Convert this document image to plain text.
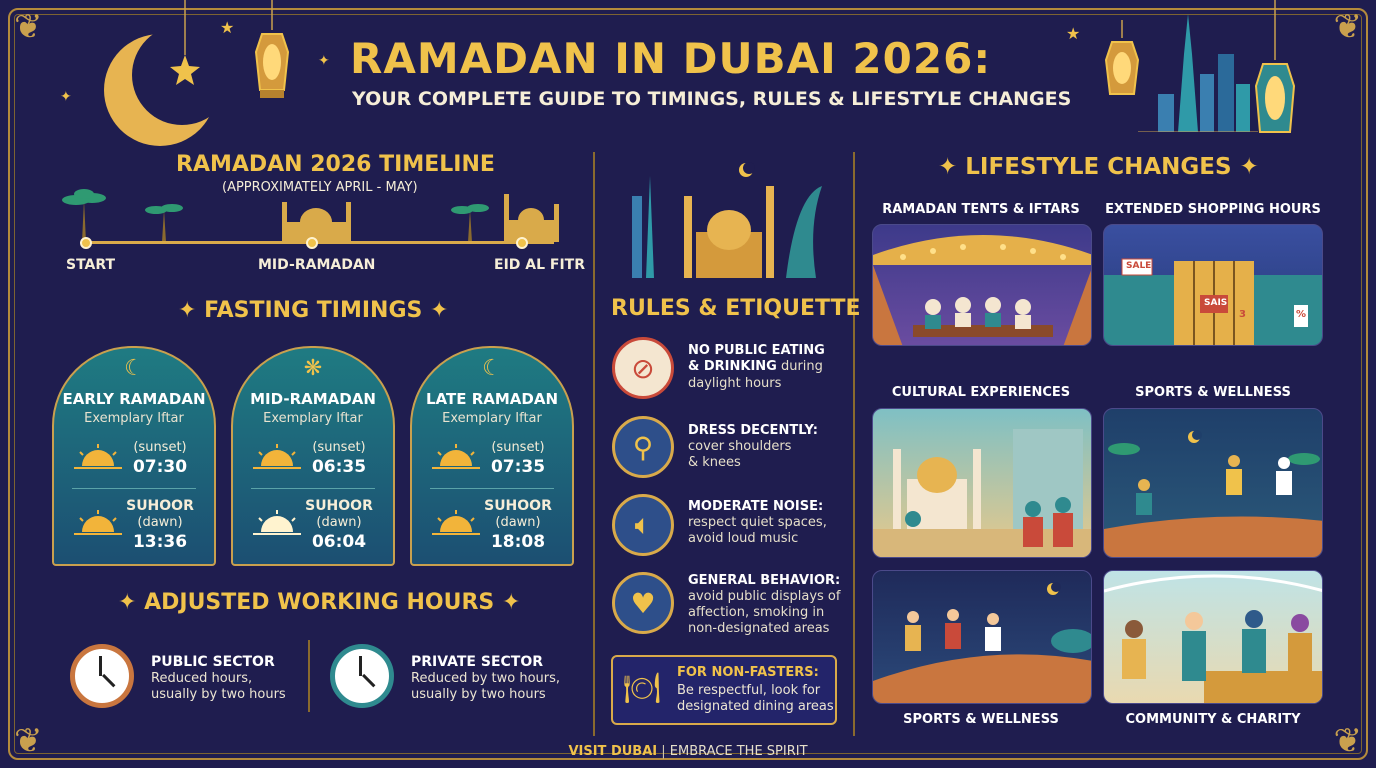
❦	❦
❦	❦
✦
✦
★
★
RAMADAN IN DUBAI 2026:
YOUR COMPLETE GUIDE TO TIMINGS, RULES & LIFESTYLE CHANGES
RAMADAN 2026 TIMELINE
(APPROXIMATELY APRIL - MAY)
START	MID-RAMADAN	EID AL FITR
✦ FASTING TIMINGS ✦
☾
EARLY RAMADAN
Exemplary Iftar
(sunset)
07:30
SUHOOR
(dawn)
13:36
❋
MID-RAMADAN
Exemplary Iftar
(sunset)
06:35
SUHOOR
(dawn)
06:04
☾
LATE RAMADAN
Exemplary Iftar
(sunset)
07:35
SUHOOR
(dawn)
18:08
✦ ADJUSTED WORKING HOURS ✦
PUBLIC SECTOR
Reduced hours,
usually by two hours
PRIVATE SECTOR
Reduced by two hours,
usually by two hours
RULES & ETIQUETTE
⊘
NO PUBLIC EATING
& DRINKING during
daylight hours
⚲	DRESS DECENTLY:
cover shoulders
& knees
🔈︎
MODERATE NOISE:
respect quiet spaces,
avoid loud music
♥
GENERAL BEHAVIOR:
avoid public displays of
affection, smoking in
non-designated areas
🍽︎ FOR NON-FASTERS:
Be respectful, look for
designated dining areas
✦ LIFESTYLE CHANGES ✦
RAMADAN TENTS & IFTARS	EXTENDED SHOPPING HOURS
SALE
SAIS
3	%
CULTURAL EXPERIENCES	SPORTS & WELLNESS
SPORTS & WELLNESS	COMMUNITY & CHARITY
VISIT DUBAI | EMBRACE THE SPIRIT
